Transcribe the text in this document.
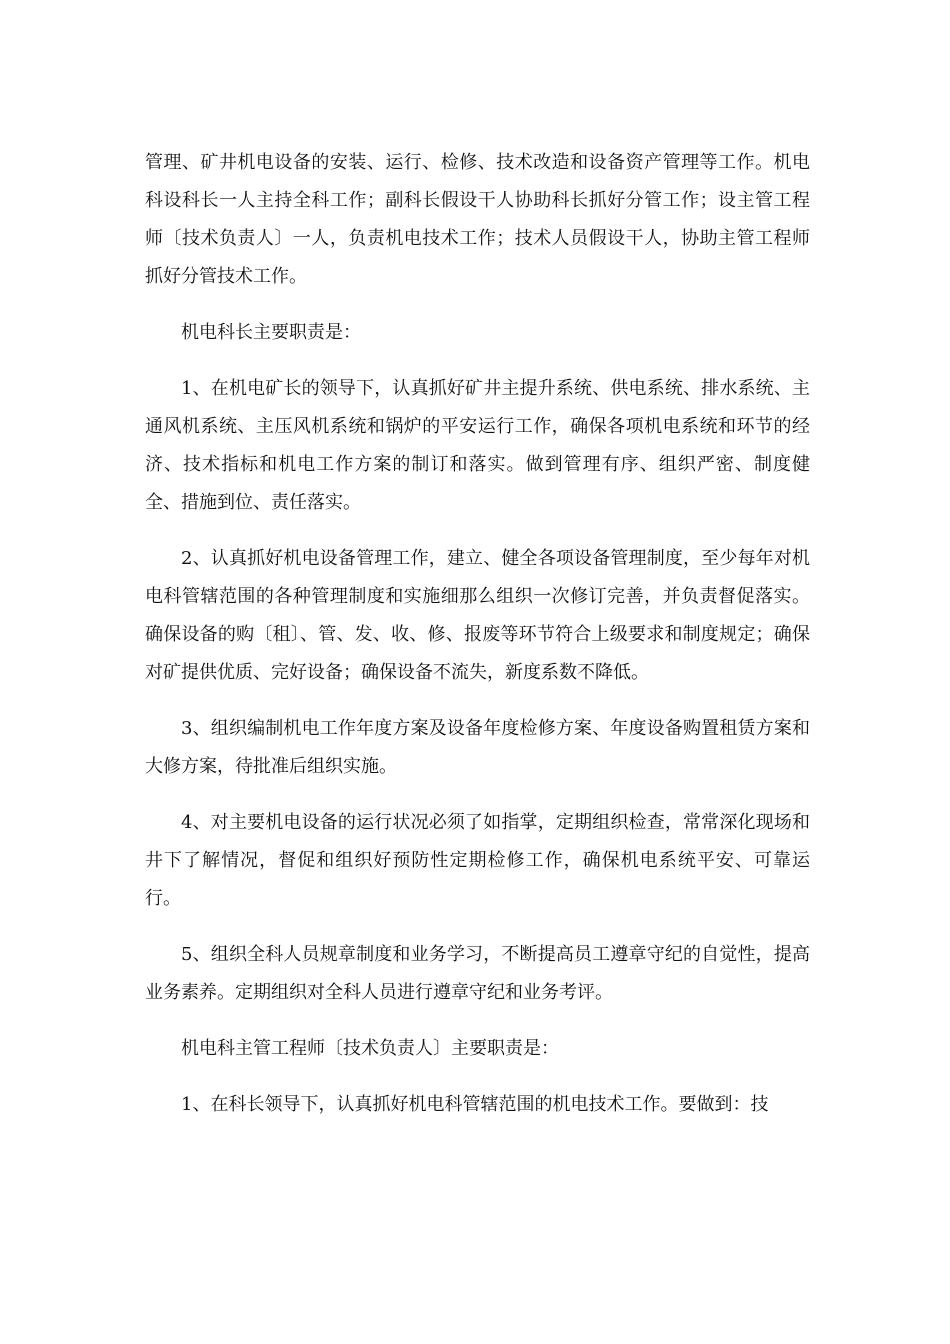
管理、矿井机电设备的安装、运行、检修、技术改造和设备资产管理等工作。机电科设科长一人主持全科工作；副科长假设干人协助科长抓好分管工作；设主管工程师〔技术负责人〕一人，负责机电技术工作；技术人员假设干人，协助主管工程师抓好分管技术工作。

机电科长主要职责是：

1、在机电矿长的领导下，认真抓好矿井主提升系统、供电系统、排水系统、主通风机系统、主压风机系统和锅炉的平安运行工作，确保各项机电系统和环节的经济、技术指标和机电工作方案的制订和落实。做到管理有序、组织严密、制度健全、措施到位、责任落实。

2、认真抓好机电设备管理工作，建立、健全各项设备管理制度，至少每年对机电科管辖范围的各种管理制度和实施细那么组织一次修订完善，并负责督促落实。确保设备的购〔租〕、管、发、收、修、报废等环节符合上级要求和制度规定；确保对矿提供优质、完好设备；确保设备不流失，新度系数不降低。

3、组织编制机电工作年度方案及设备年度检修方案、年度设备购置租赁方案和大修方案，待批准后组织实施。

4、对主要机电设备的运行状况必须了如指掌，定期组织检查，常常深化现场和井下了解情况，督促和组织好预防性定期检修工作，确保机电系统平安、可靠运行。

5、组织全科人员规章制度和业务学习，不断提高员工遵章守纪的自觉性，提高业务素养。定期组织对全科人员进行遵章守纪和业务考评。

机电科主管工程师〔技术负责人〕主要职责是：

1、在科长领导下，认真抓好机电科管辖范围的机电技术工作。要做到：技
